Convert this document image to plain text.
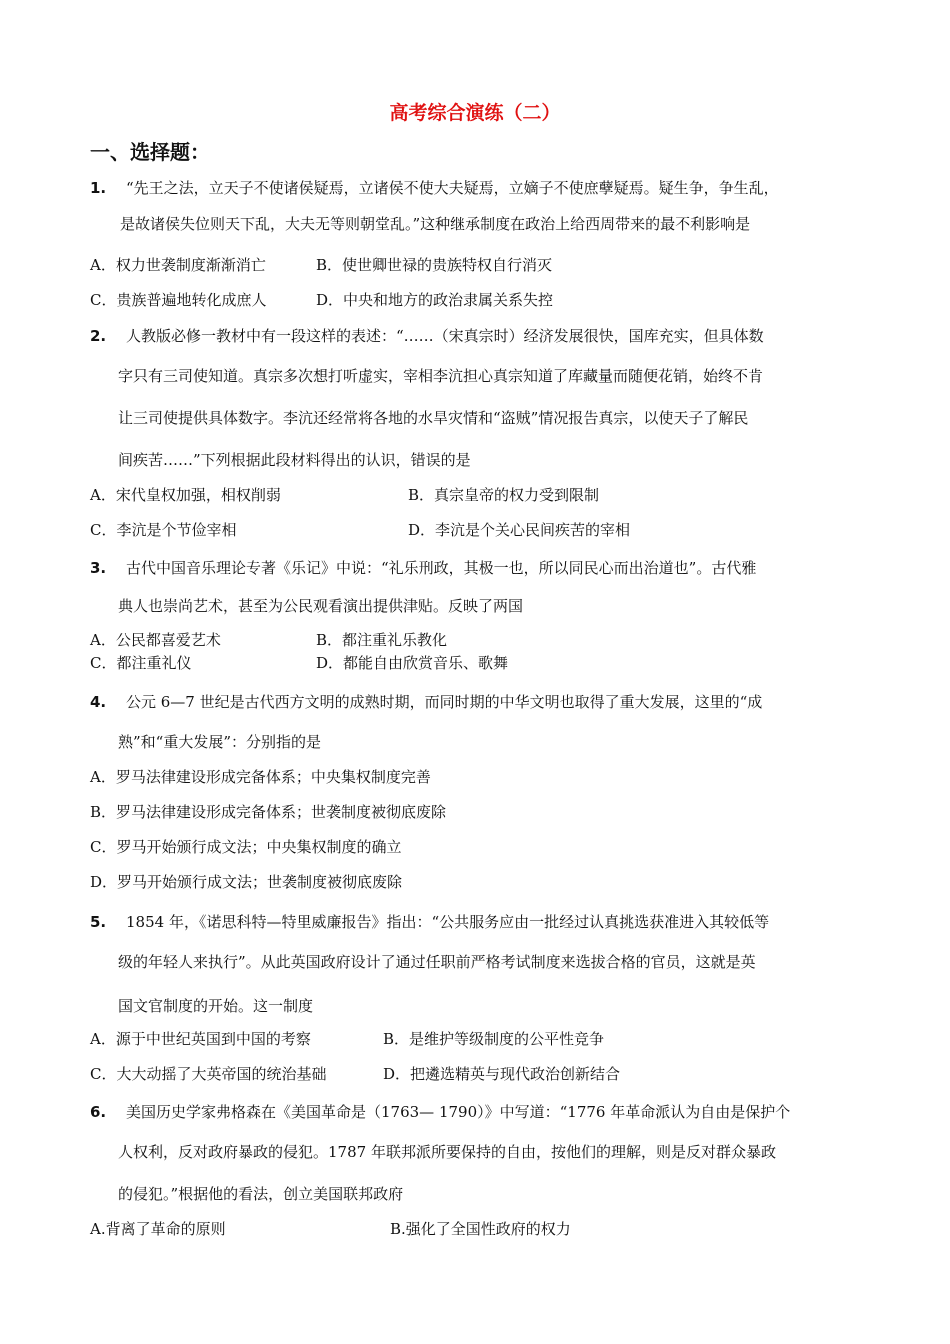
高考综合演练（二）
一、选择题：
1. “先王之法，立天子不使诸侯疑焉，立诸侯不使大夫疑焉，立嫡子不使庶孽疑焉。疑生争，争生乱，
是故诸侯失位则天下乱，大夫无等则朝堂乱。”这种继承制度在政治上给西周带来的最不利影响是
A．权力世袭制度渐渐消亡	B．使世卿世禄的贵族特权自行消灭
C．贵族普遍地转化成庶人	D．中央和地方的政治隶属关系失控
2. 人教版必修一教材中有一段这样的表述：“……（宋真宗时）经济发展很快，国库充实，但具体数
字只有三司使知道。真宗多次想打听虚实，宰相李沆担心真宗知道了库藏量而随便花销，始终不肯
让三司使提供具体数字。李沆还经常将各地的水旱灾情和“盗贼”情况报告真宗，以使天子了解民
间疾苦……”下列根据此段材料得出的认识，错误的是
A．宋代皇权加强，相权削弱	B．真宗皇帝的权力受到限制
C．李沆是个节俭宰相	D．李沆是个关心民间疾苦的宰相
3. 古代中国音乐理论专著《乐记》中说：“礼乐刑政，其极一也，所以同民心而出治道也”。古代雅
典人也崇尚艺术，甚至为公民观看演出提供津贴。反映了两国
A．公民都喜爱艺术	B．都注重礼乐教化
C．都注重礼仪	D．都能自由欣赏音乐、歌舞
4. 公元 6—7 世纪是古代西方文明的成熟时期，而同时期的中华文明也取得了重大发展，这里的“成
熟”和“重大发展”：分别指的是
A．罗马法律建设形成完备体系；中央集权制度完善
B．罗马法律建设形成完备体系；世袭制度被彻底废除
C．罗马开始颁行成文法；中央集权制度的确立
D．罗马开始颁行成文法；世袭制度被彻底废除
5. 1854 年，《诺思科特—特里威廉报告》指出：“公共服务应由一批经过认真挑选获准进入其较低等
级的年轻人来执行”。从此英国政府设计了通过任职前严格考试制度来选拔合格的官员，这就是英
国文官制度的开始。这一制度
A．源于中世纪英国到中国的考察	B．是维护等级制度的公平性竞争
C．大大动摇了大英帝国的统治基础	D．把遴选精英与现代政治创新结合
6. 美国历史学家弗格森在《美国革命是（1763— 1790）》中写道：“1776 年革命派认为自由是保护个
人权利，反对政府暴政的侵犯。1787 年联邦派所要保持的自由，按他们的理解，则是反对群众暴政
的侵犯。”根据他的看法，创立美国联邦政府
A.背离了革命的原则	B.强化了全国性政府的权力
